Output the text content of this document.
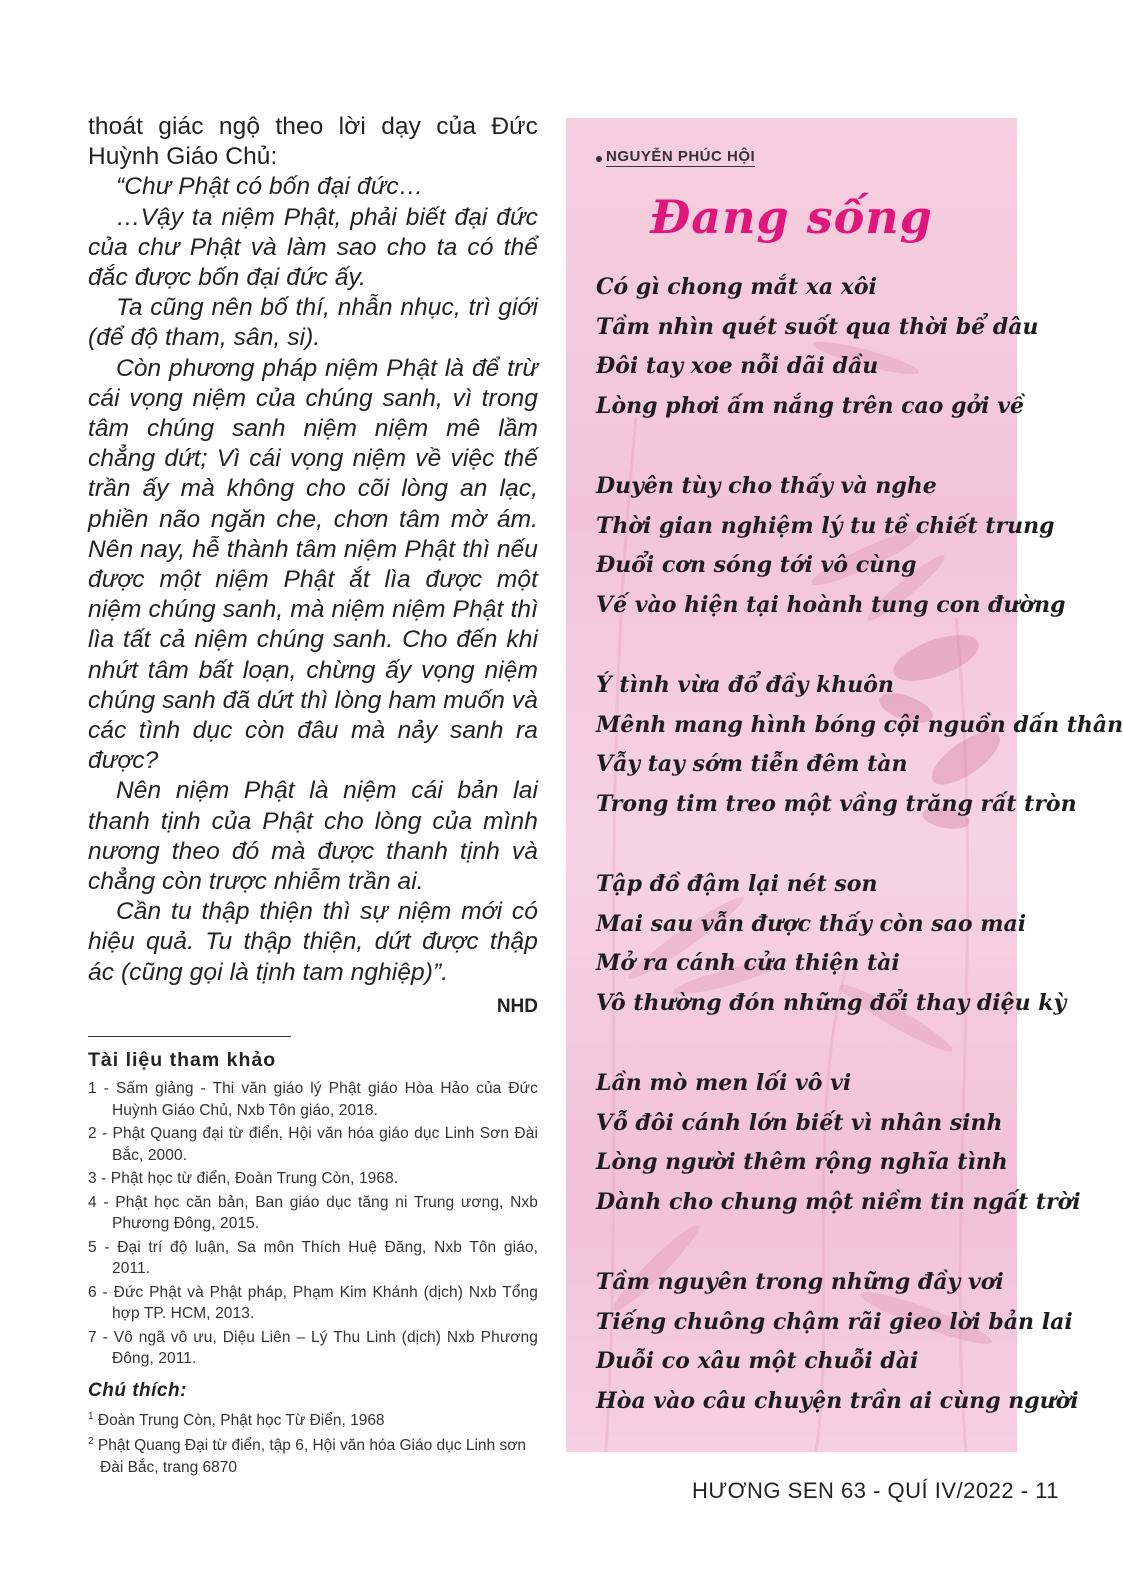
thoát giác ngộ theo lời dạy của Đức Huỳnh Giáo Chủ:

“Chư Phật có bốn đại đức…

…Vậy ta niệm Phật, phải biết đại đức của chư Phật và làm sao cho ta có thể đắc được bốn đại đức ấy.

Ta cũng nên bố thí, nhẫn nhục, trì giới (để độ tham, sân, si).

Còn phương pháp niệm Phật là để trừ cái vọng niệm của chúng sanh, vì trong tâm chúng sanh niệm niệm mê lầm chẳng dứt; Vì cái vọng niệm về việc thế trần ấy mà không cho cõi lòng an lạc, phiền não ngăn che, chơn tâm mờ ám. Nên nay, hễ thành tâm niệm Phật thì nếu được một niệm Phật ắt lìa được một niệm chúng sanh, mà niệm niệm Phật thì lìa tất cả niệm chúng sanh. Cho đến khi nhứt tâm bất loạn, chừng ấy vọng niệm chúng sanh đã dứt thì lòng ham muốn và các tình dục còn đâu mà nảy sanh ra được?

Nên niệm Phật là niệm cái bản lai thanh tịnh của Phật cho lòng của mình nương theo đó mà được thanh tịnh và chẳng còn trược nhiễm trần ai.

Cần tu thập thiện thì sự niệm mới có hiệu quả. Tu thập thiện, dứt được thập ác (cũng gọi là tịnh tam nghiệp)”.

NHD
Tài liệu tham khảo
1 - Sấm giảng - Thi văn giáo lý Phật giáo Hòa Hảo của Đức Huỳnh Giáo Chủ, Nxb Tôn giáo, 2018.
2 - Phật Quang đại từ điển, Hội văn hóa giáo dục Linh Sơn Đài Bắc, 2000.
3 - Phật học từ điển, Đoàn Trung Còn, 1968.
4 - Phật học căn bản, Ban giáo dục tăng ni Trung ương, Nxb Phương Đông, 2015.
5 - Đại trí độ luận, Sa môn Thích Huệ Đăng, Nxb Tôn giáo, 2011.
6 - Đức Phật và Phật pháp, Phạm Kim Khánh (dịch) Nxb Tổng hợp TP. HCM, 2013.
7 - Vô ngã vô ưu, Diệu Liên – Lý Thu Linh (dịch) Nxb Phương Đông, 2011.
Chú thích:
$^1$ Đoàn Trung Còn, Phật học Từ Điển, 1968
$^2$ Phật Quang Đại từ điển, tập 6, Hội văn hóa Giáo dục Linh sơn Đài Bắc, trang 6870
NGUYỄN PHÚC HỘI
Đang sống
Có gì chong mắt xa xôi
Tầm nhìn quét suốt qua thời bể dâu
Đôi tay xoe nỗi dãi dầu
Lòng phơi ấm nắng trên cao gởi về
Duyên tùy cho thấy và nghe
Thời gian nghiệm lý tu tề chiết trung
Đuổi cơn sóng tới vô cùng
Vế vào hiện tại hoành tung con đường
Ý tình vừa đổ đầy khuôn
Mênh mang hình bóng cội nguồn dấn thân
Vẫy tay sớm tiễn đêm tàn
Trong tim treo một vầng trăng rất tròn
Tập đồ đậm lại nét son
Mai sau vẫn được thấy còn sao mai
Mở ra cánh cửa thiện tài
Vô thường đón những đổi thay diệu kỳ
Lần mò men lối vô vi
Vỗ đôi cánh lớn biết vì nhân sinh
Lòng người thêm rộng nghĩa tình
Dành cho chung một niềm tin ngất trời
Tầm nguyên trong những đầy vơi
Tiếng chuông chậm rãi gieo lời bản lai
Duỗi co xâu một chuỗi dài
Hòa vào câu chuyện trần ai cùng người
HƯƠNG SEN 63 - QUÍ IV/2022 - 11
